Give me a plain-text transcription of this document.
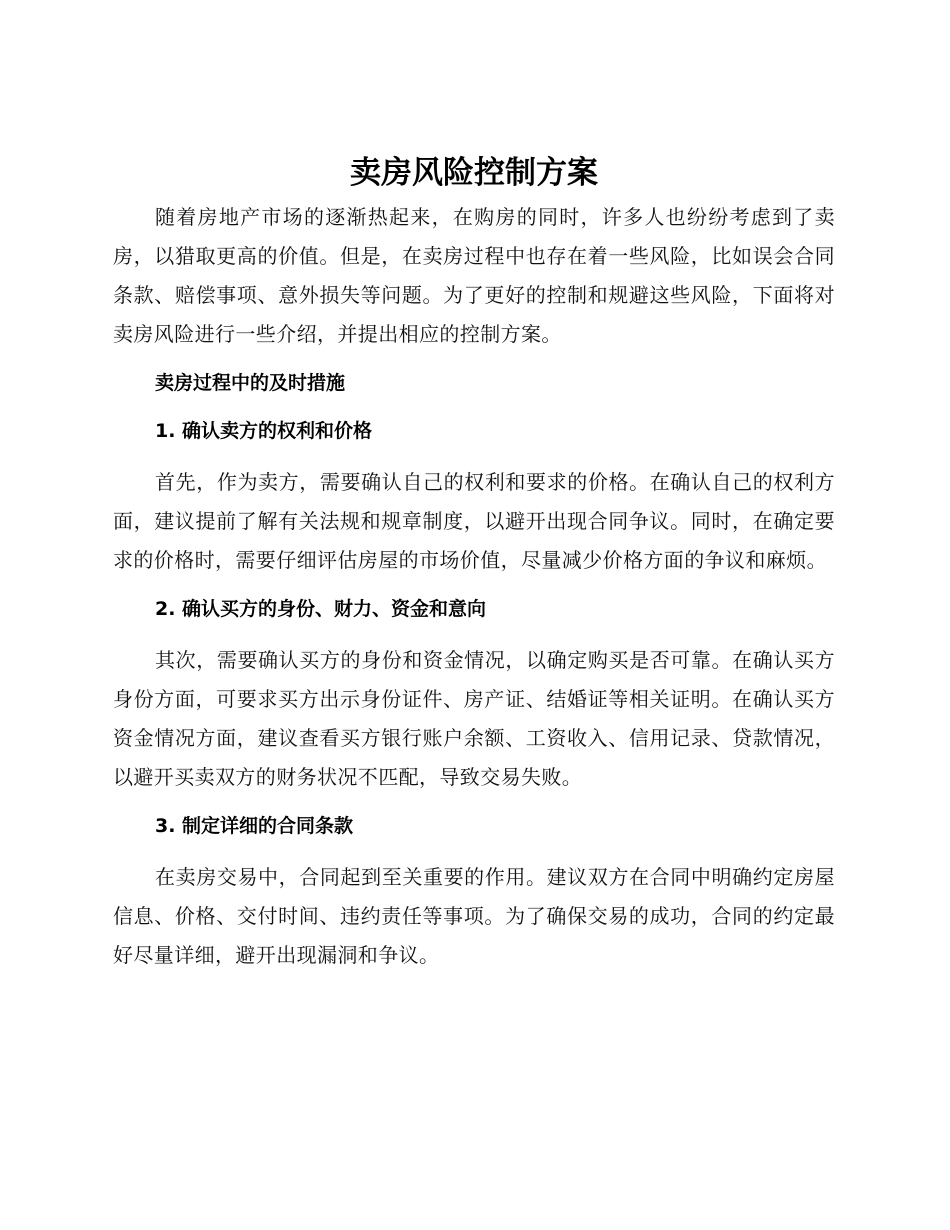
卖房风险控制方案

随着房地产市场的逐渐热起来，在购房的同时，许多人也纷纷考虑到了卖房，以猎取更高的价值。但是，在卖房过程中也存在着一些风险，比如误会合同条款、赔偿事项、意外损失等问题。为了更好的控制和规避这些风险，下面将对卖房风险进行一些介绍，并提出相应的控制方案。

卖房过程中的及时措施
1. 确认卖方的权利和价格

首先，作为卖方，需要确认自己的权利和要求的价格。在确认自己的权利方面，建议提前了解有关法规和规章制度，以避开出现合同争议。同时，在确定要求的价格时，需要仔细评估房屋的市场价值，尽量减少价格方面的争议和麻烦。

2. 确认买方的身份、财力、资金和意向

其次，需要确认买方的身份和资金情况，以确定购买是否可靠。在确认买方身份方面，可要求买方出示身份证件、房产证、结婚证等相关证明。在确认买方资金情况方面，建议查看买方银行账户余额、工资收入、信用记录、贷款情况，以避开买卖双方的财务状况不匹配，导致交易失败。

3. 制定详细的合同条款

在卖房交易中，合同起到至关重要的作用。建议双方在合同中明确约定房屋信息、价格、交付时间、违约责任等事项。为了确保交易的成功，合同的约定最好尽量详细，避开出现漏洞和争议。
